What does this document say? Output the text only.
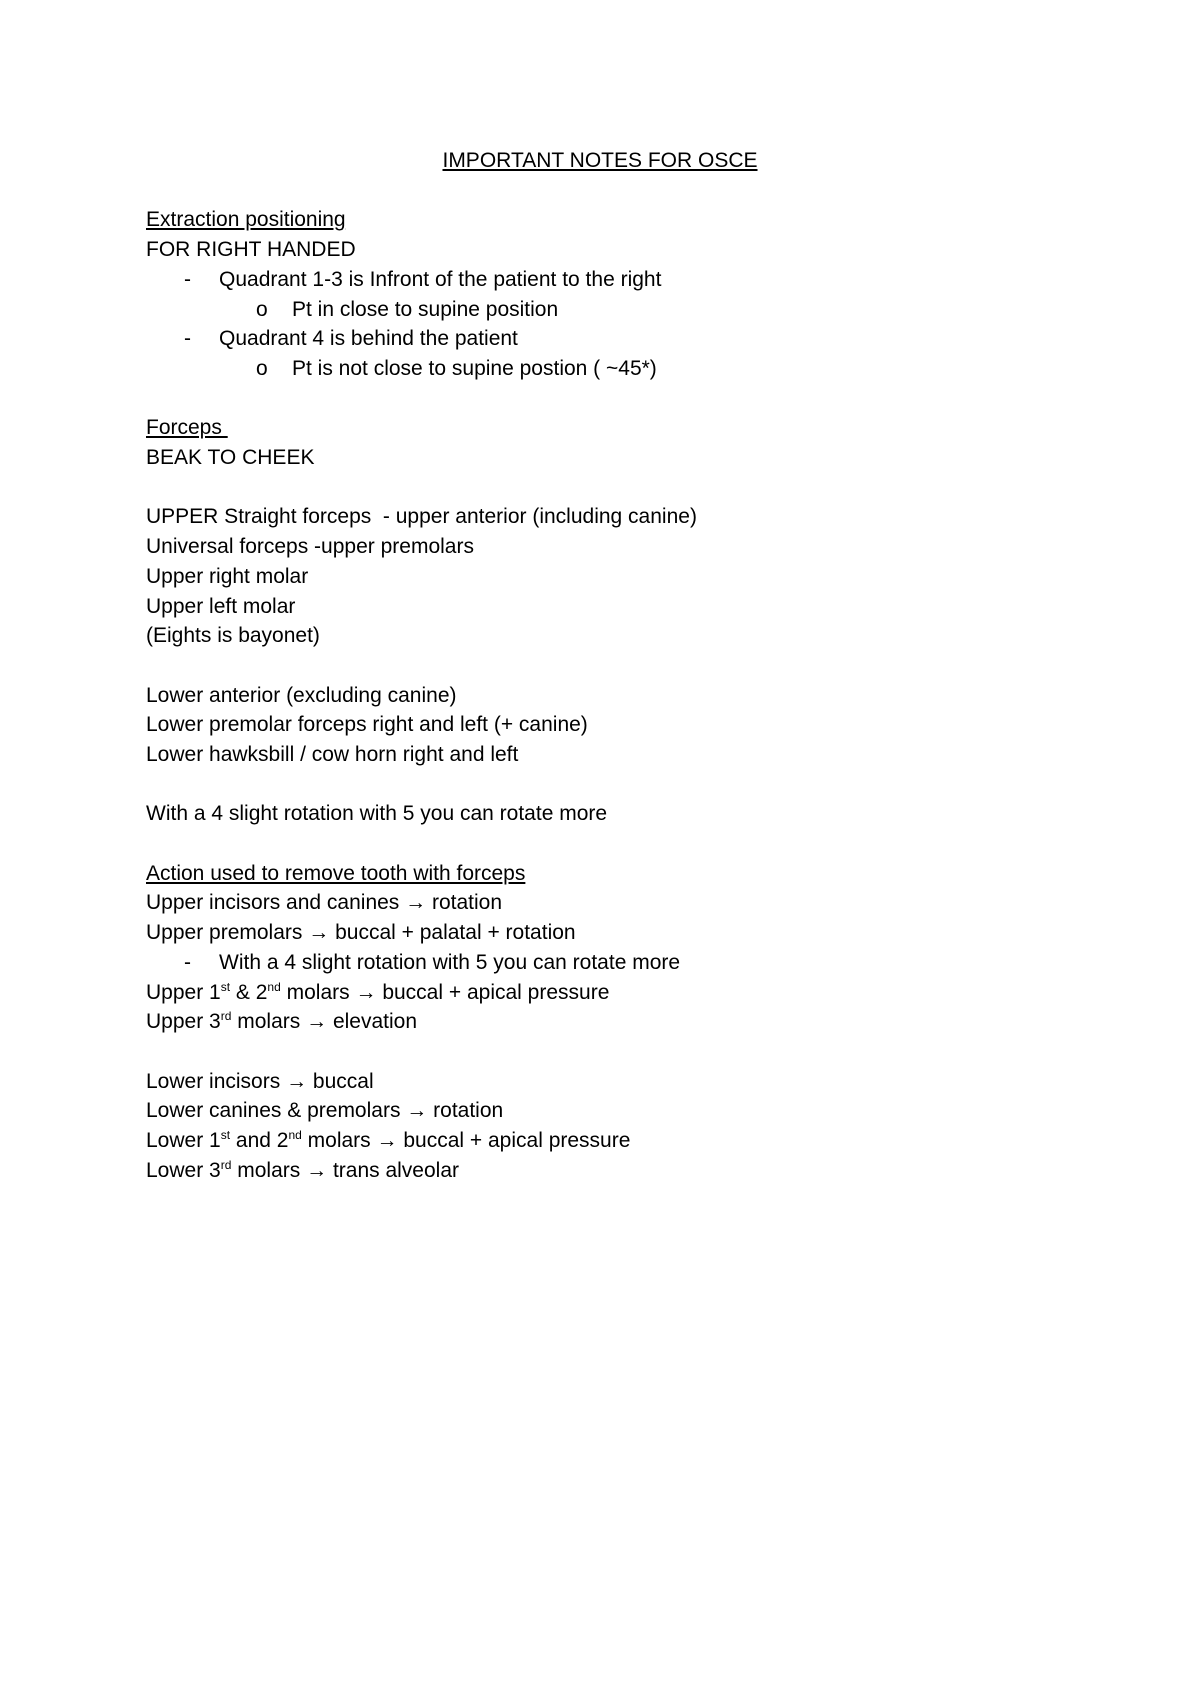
IMPORTANT NOTES FOR OSCE
Extraction positioning
FOR RIGHT HANDED
- Quadrant 1-3 is Infront of the patient to the right
o Pt in close to supine position
- Quadrant 4 is behind the patient
o Pt is not close to supine postion ( ~45*)
Forceps
BEAK TO CHEEK
UPPER Straight forceps  - upper anterior (including canine)
Universal forceps -upper premolars
Upper right molar
Upper left molar
(Eights is bayonet)
Lower anterior (excluding canine)
Lower premolar forceps right and left (+ canine)
Lower hawksbill / cow horn right and left
With a 4 slight rotation with 5 you can rotate more
Action used to remove tooth with forceps
Upper incisors and canines → rotation
Upper premolars → buccal + palatal + rotation
- With a 4 slight rotation with 5 you can rotate more
Upper 1st & 2nd molars → buccal + apical pressure
Upper 3rd molars → elevation
Lower incisors → buccal
Lower canines & premolars → rotation
Lower 1st and 2nd molars → buccal + apical pressure
Lower 3rd molars → trans alveolar
